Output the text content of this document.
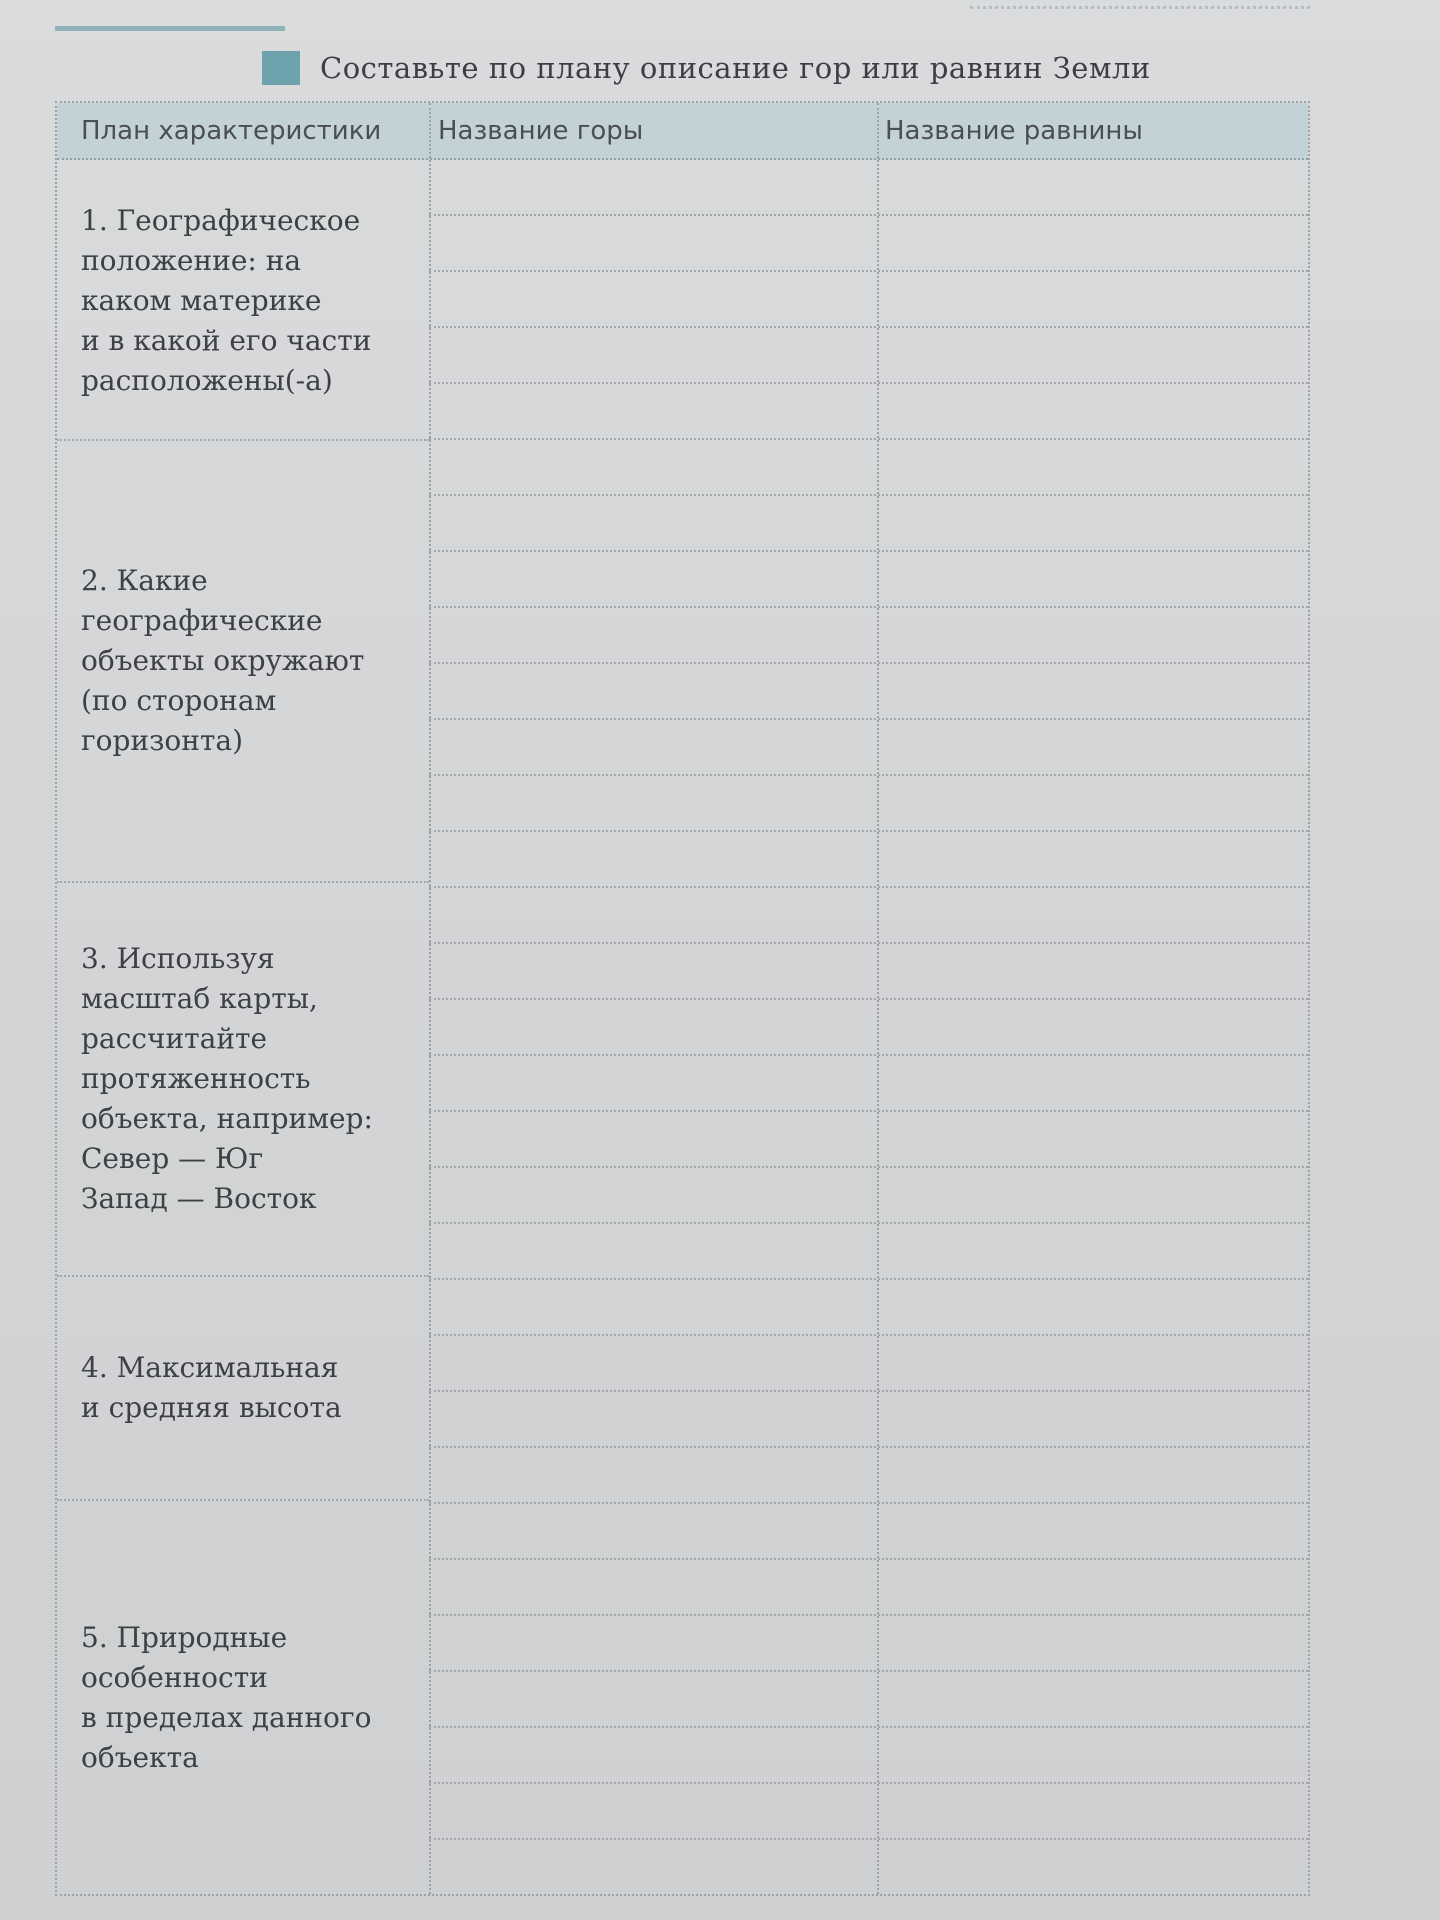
Составьте по плану описание гор или равнин Земли
План характеристики Название горы	Название равнины
1. Географическое
положение: на
каком материке
и в какой его части
расположены(-а)
2. Какие
географические
объекты окружают
(по сторонам
горизонта)
3. Используя
масштаб карты,
рассчитайте
протяженность
объекта, например:
Север — Юг
Запад — Восток
4. Максимальная
и средняя высота
5. Природные
особенности
в пределах данного
объекта
